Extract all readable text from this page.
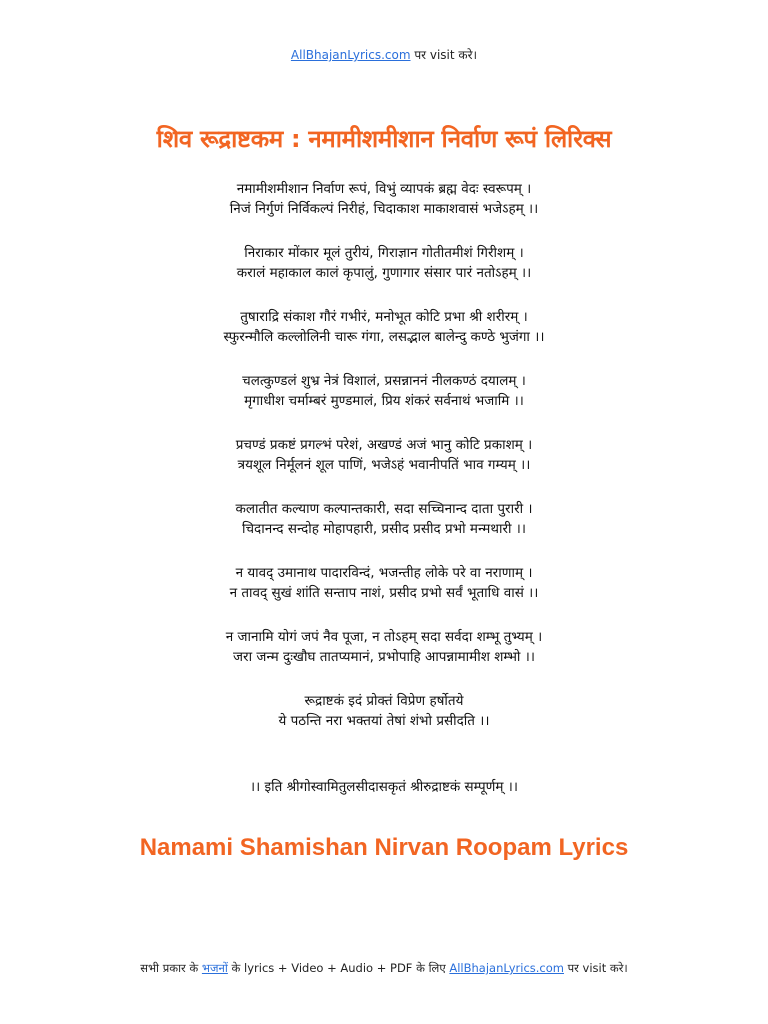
AllBhajanLyrics.com पर visit करे।
शिव रूद्राष्टकम : नमामीशमीशान निर्वाण रूपं लिरिक्स
नमामीशमीशान निर्वाण रूपं, विभुं व्यापकं ब्रह्म वेदः स्वरूपम् ।
निजं निर्गुणं निर्विकल्पं निरीहं, चिदाकाश माकाशवासं भजेऽहम् ।।
निराकार मोंकार मूलं तुरीयं, गिराज्ञान गोतीतमीशं गिरीशम् ।
करालं महाकाल कालं कृपालुं, गुणागार संसार पारं नतोऽहम् ।।
तुषाराद्रि संकाश गौरं गभीरं, मनोभूत कोटि प्रभा श्री शरीरम् ।
स्फुरन्मौलि कल्लोलिनी चारू गंगा, लसद्भाल बालेन्दु कण्ठे भुजंगा ।।
चलत्कुण्डलं शुभ्र नेत्रं विशालं, प्रसन्नाननं नीलकण्ठं दयालम् ।
मृगाधीश चर्माम्बरं मुण्डमालं, प्रिय शंकरं सर्वनाथं भजामि ।।
प्रचण्डं प्रकष्टं प्रगल्भं परेशं, अखण्डं अजं भानु कोटि प्रकाशम् ।
त्रयशूल निर्मूलनं शूल पाणिं, भजेऽहं भवानीपतिं भाव गम्यम् ।।
कलातीत कल्याण कल्पान्तकारी, सदा सच्चिनान्द दाता पुरारी ।
चिदानन्द सन्दोह मोहापहारी, प्रसीद प्रसीद प्रभो मन्मथारी ।।
न यावद् उमानाथ पादारविन्दं, भजन्तीह लोके परे वा नराणाम् ।
न तावद् सुखं शांति सन्ताप नाशं, प्रसीद प्रभो सर्वं भूताधि वासं ।।
न जानामि योगं जपं नैव पूजा, न तोऽहम् सदा सर्वदा शम्भू तुभ्यम् ।
जरा जन्म दुःखौघ तातप्यमानं, प्रभोपाहि आपन्नामामीश शम्भो ।।
रूद्राष्टकं इदं प्रोक्तं विप्रेण हर्षोतये
ये पठन्ति नरा भक्तयां तेषां शंभो प्रसीदति ।।
।। इति श्रीगोस्वामितुलसीदासकृतं श्रीरुद्राष्टकं सम्पूर्णम् ।।
Namami Shamishan Nirvan Roopam Lyrics
सभी प्रकार के भजनों के lyrics + Video + Audio + PDF के लिए AllBhajanLyrics.com पर visit करे।
